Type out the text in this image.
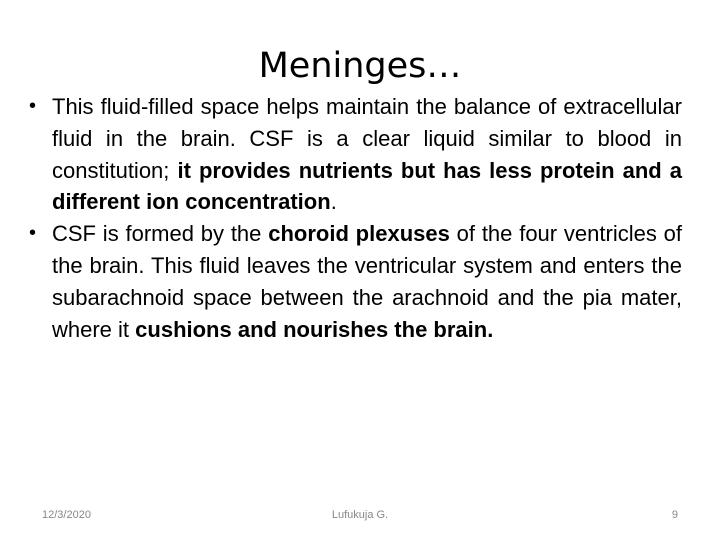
Meninges…
• This fluid-filled space helps maintain the balance of extracellular fluid in the brain. CSF is a clear liquid similar to blood in constitution; it provides nutrients but has less protein and a different ion concentration.
• CSF is formed by the choroid plexuses of the four ventricles of the brain. This fluid leaves the ventricular system and enters the subarachnoid space between the arachnoid and the pia mater, where it cushions and nourishes the brain.
12/3/2020	Lufukuja G.	9
